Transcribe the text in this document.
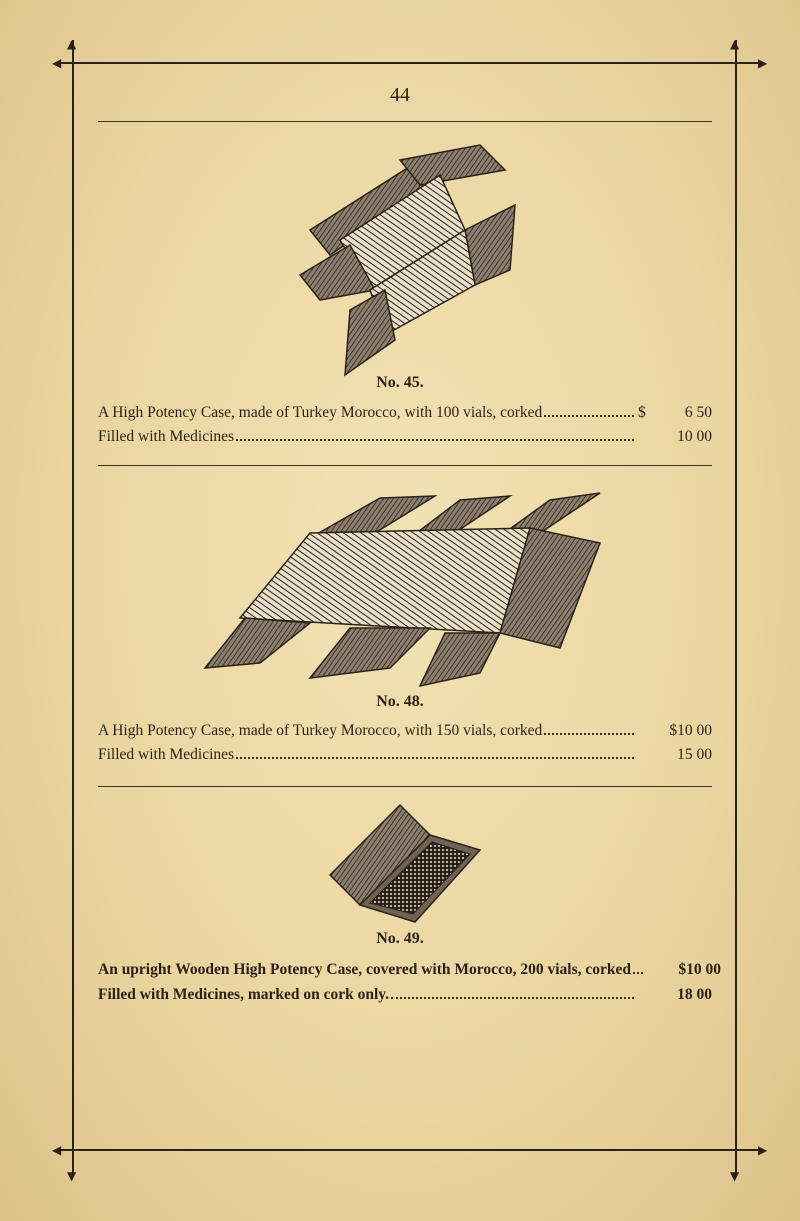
▲
◀
▲
▶
◀
▼
▶
▼
44
No. 45.
A High Potency Case, made of Turkey Morocco, with 100 vials, corked	$	6 50
Filled with Medicines	10 00
No. 48.
A High Potency Case, made of Turkey Morocco, with 150 vials, corked	$10 00
Filled with Medicines	15 00
No. 49.
An upright Wooden High Potency Case, covered with Morocco, 200 vials, corked	$10 00
Filled with Medicines, marked on cork only.	18 00
